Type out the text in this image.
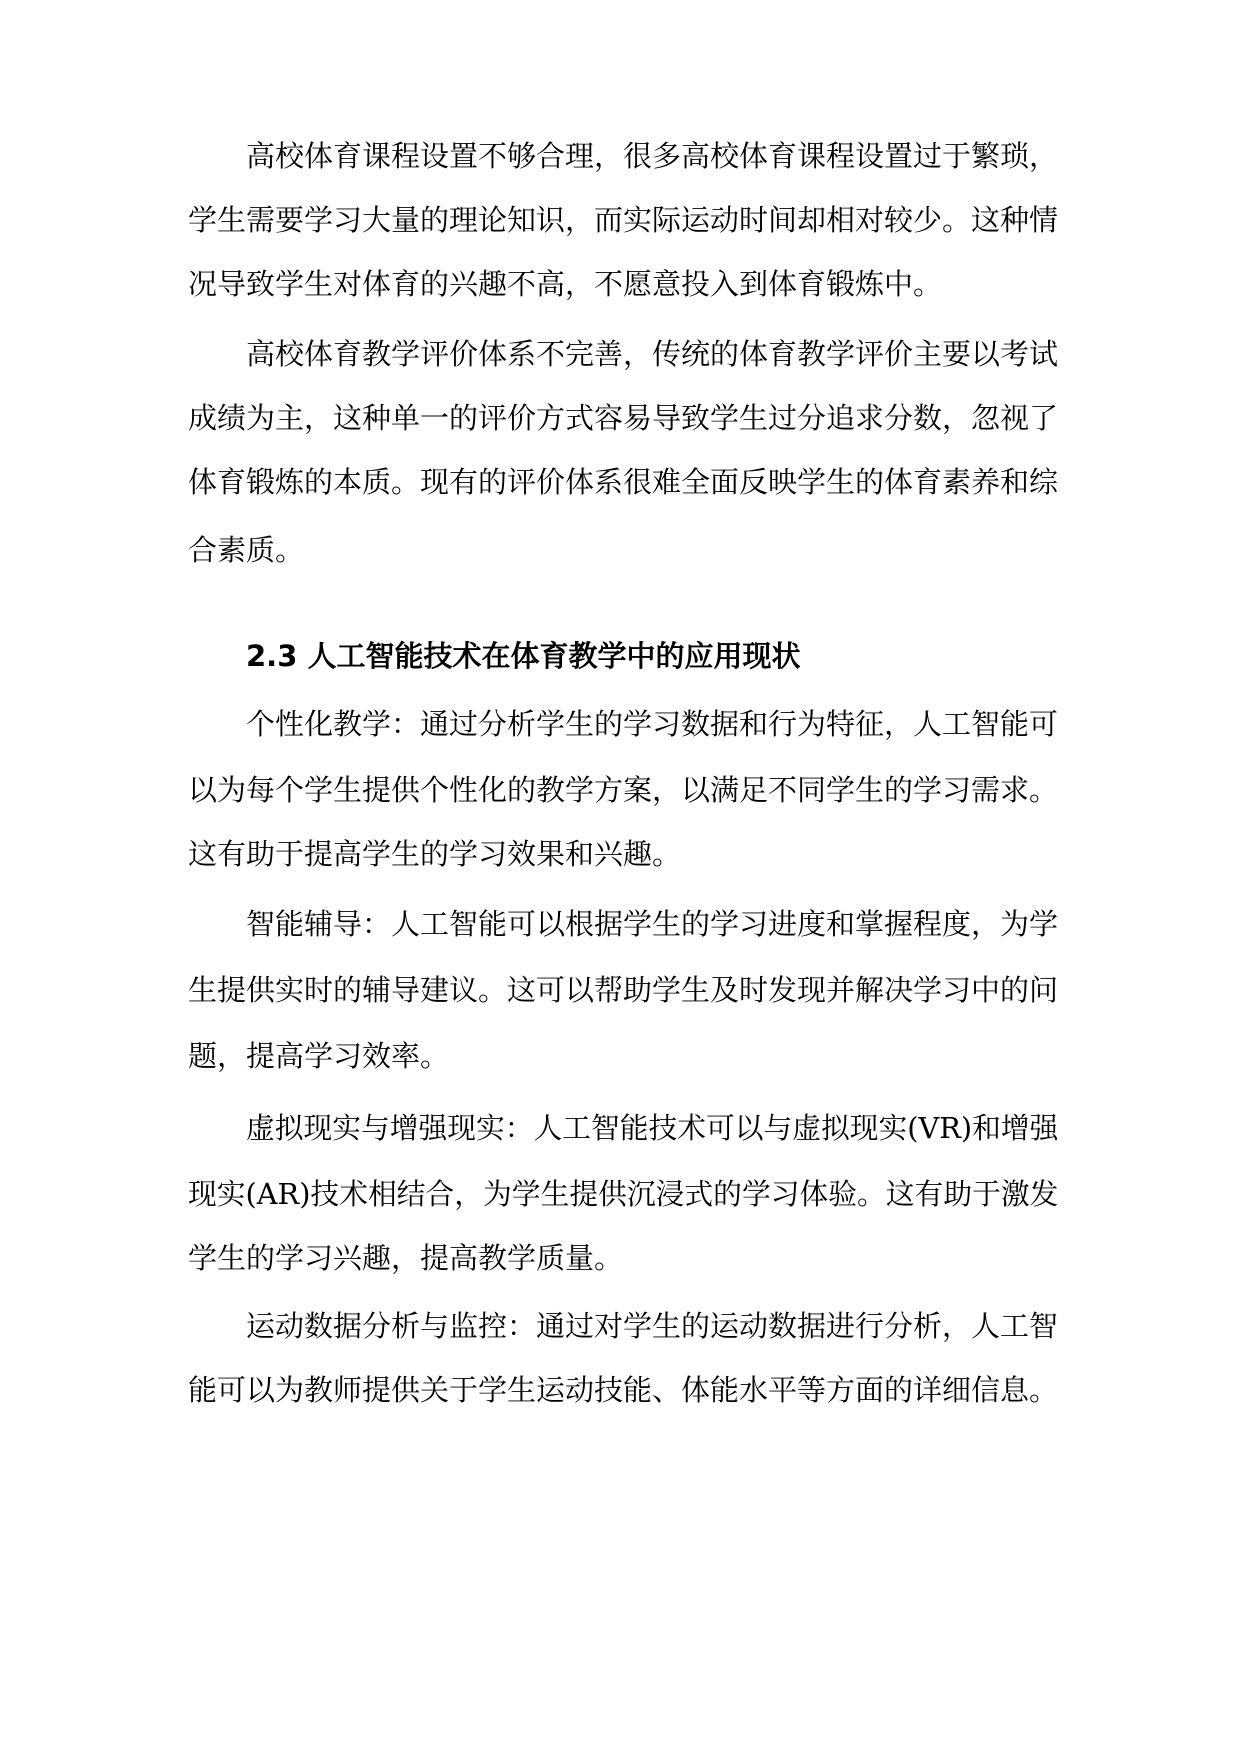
高校体育课程设置不够合理，很多高校体育课程设置过于繁琐，
学生需要学习大量的理论知识，而实际运动时间却相对较少。这种情
况导致学生对体育的兴趣不高，不愿意投入到体育锻炼中。
高校体育教学评价体系不完善，传统的体育教学评价主要以考试
成绩为主，这种单一的评价方式容易导致学生过分追求分数，忽视了
体育锻炼的本质。现有的评价体系很难全面反映学生的体育素养和综
合素质。
2.3 人工智能技术在体育教学中的应用现状
个性化教学：通过分析学生的学习数据和行为特征，人工智能可
以为每个学生提供个性化的教学方案，以满足不同学生的学习需求。
这有助于提高学生的学习效果和兴趣。
智能辅导：人工智能可以根据学生的学习进度和掌握程度，为学
生提供实时的辅导建议。这可以帮助学生及时发现并解决学习中的问
题，提高学习效率。
虚拟现实与增强现实：人工智能技术可以与虚拟现实(VR)和增强
现实(AR)技术相结合，为学生提供沉浸式的学习体验。这有助于激发
学生的学习兴趣，提高教学质量。
运动数据分析与监控：通过对学生的运动数据进行分析，人工智
能可以为教师提供关于学生运动技能、体能水平等方面的详细信息。
